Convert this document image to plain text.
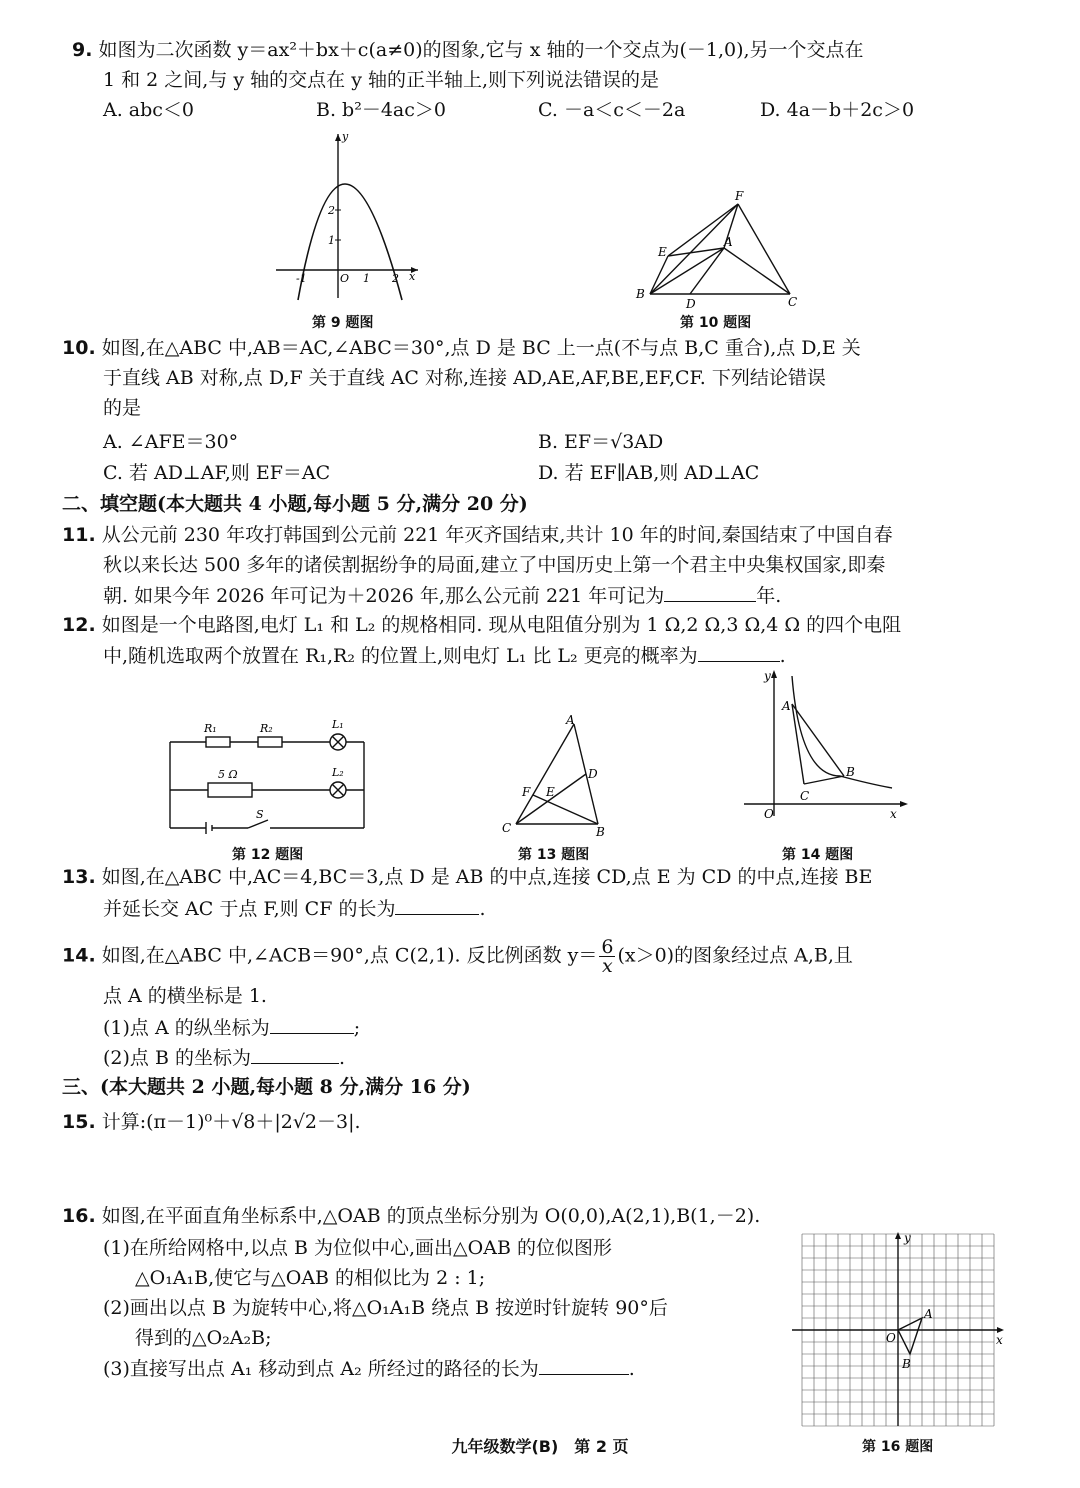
9. 如图为二次函数 y＝ax²＋bx＋c(a≠0)的图象,它与 x 轴的一个交点为(－1,0),另一个交点在
1 和 2 之间,与 y 轴的交点在 y 轴的正半轴上,则下列说法错误的是
A. abc＜0	B. b²－4ac＞0	C. －a＜c＜－2a	D. 4a－b＋2c＞0
y
x
O
-1	1 2
1
2
第 9 题图
F
E
A
B
D	C
第 10 题图
10. 如图,在△ABC 中,AB＝AC,∠ABC＝30°,点 D 是 BC 上一点(不与点 B,C 重合),点 D,E 关
于直线 AB 对称,点 D,F 关于直线 AC 对称,连接 AD,AE,AF,BE,EF,CF. 下列结论错误
的是
A. ∠AFE＝30°	B. EF＝√3AD
C. 若 AD⊥AF,则 EF＝AC	D. 若 EF∥AB,则 AD⊥AC
二、填空题(本大题共 4 小题,每小题 5 分,满分 20 分)
11. 从公元前 230 年攻打韩国到公元前 221 年灭齐国结束,共计 10 年的时间,秦国结束了中国自春
秋以来长达 500 多年的诸侯割据纷争的局面,建立了中国历史上第一个君主中央集权国家,即秦
朝. 如果今年 2026 年可记为＋2026 年,那么公元前 221 年可记为	年.
12. 如图是一个电路图,电灯 L₁ 和 L₂ 的规格相同. 现从电阻值分别为 1 Ω,2 Ω,3 Ω,4 Ω 的四个电阻
中,随机选取两个放置在 R₁,R₂ 的位置上,则电灯 L₁ 比 L₂ 更亮的概率为	.
R₁	R₂	L₁
L₂
5 Ω
S
第 12 题图
A
D
F E
C	B
第 13 题图
y
x
O
A
B
C
第 14 题图
13. 如图,在△ABC 中,AC＝4,BC＝3,点 D 是 AB 的中点,连接 CD,点 E 为 CD 的中点,连接 BE
并延长交 AC 于点 F,则 CF 的长为	.
14. 如图,在△ABC 中,∠ACB＝90°,点 C(2,1). 反比例函数 $y= \frac{6}{x} (x>0)$的图象经过点 A,B,且
点 A 的横坐标是 1.
(1)点 A 的纵坐标为	;
(2)点 B 的坐标为	.
三、(本大题共 2 小题,每小题 8 分,满分 16 分)
15. 计算:(π－1)⁰＋√8＋|2√2－3|.
16. 如图,在平面直角坐标系中,△OAB 的顶点坐标分别为 O(0,0),A(2,1),B(1,－2).
(1)在所给网格中,以点 B 为位似中心,画出△OAB 的位似图形
△O₁A₁B,使它与△OAB 的相似比为 2 : 1;
(2)画出以点 B 为旋转中心,将△O₁A₁B 绕点 B 按逆时针旋转 90°后
得到的△O₂A₂B;
(3)直接写出点 A₁ 移动到点 A₂ 所经过的路径的长为	.
y
x
O
A
B
第 16 题图
九年级数学(B)　第 2 页
